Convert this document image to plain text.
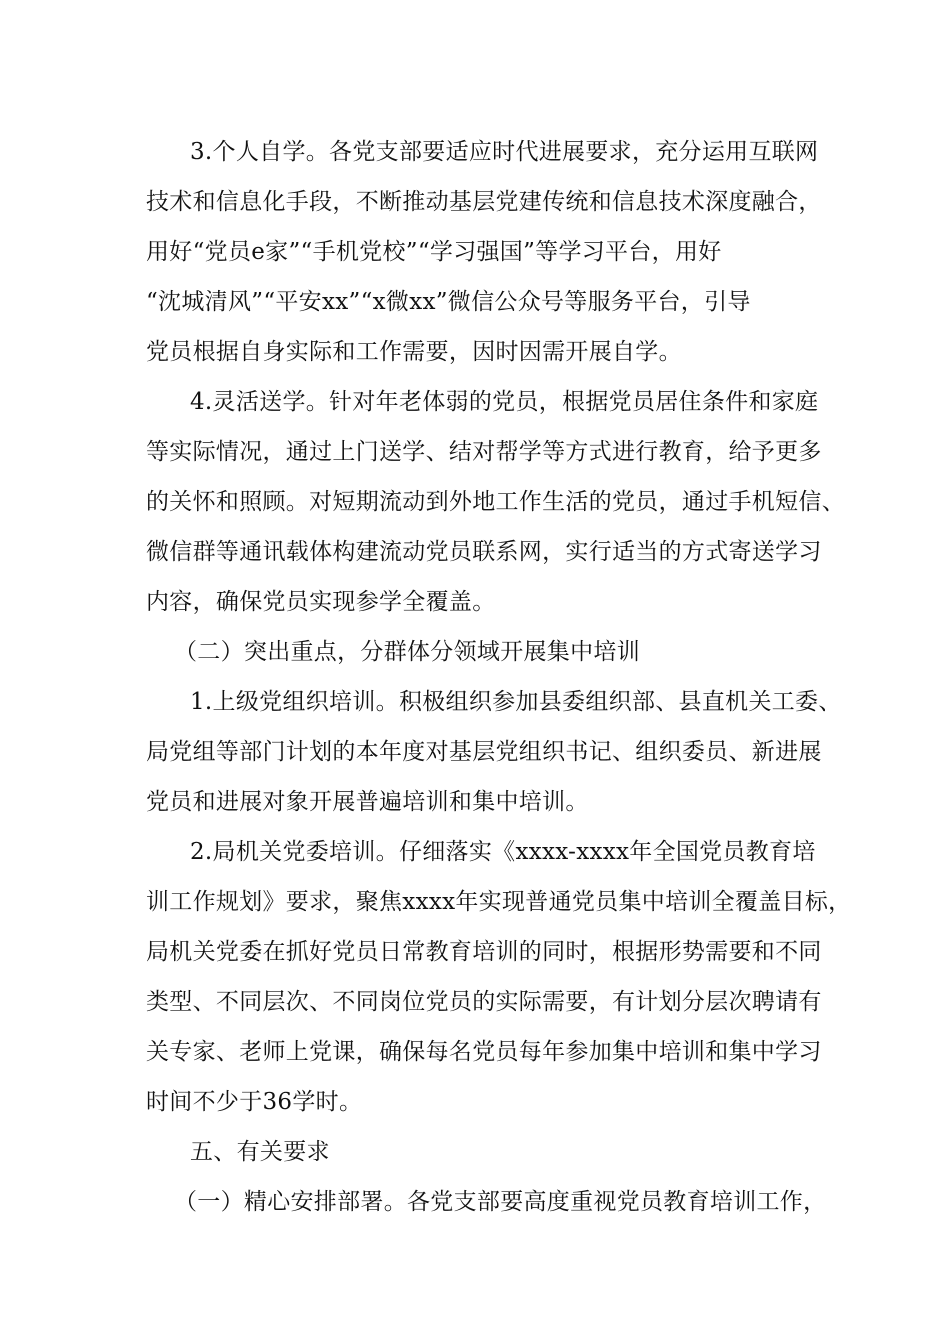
3.个人自学。各党支部要适应时代进展要求，充分运用互联网

技术和信息化手段，不断推动基层党建传统和信息技术深度融合，

用好“党员e家”“手机党校”“学习强国”等学习平台，用好

“沈城清风”“平安xx”“x微xx”微信公众号等服务平台，引导

党员根据自身实际和工作需要，因时因需开展自学。

4.灵活送学。针对年老体弱的党员，根据党员居住条件和家庭

等实际情况，通过上门送学、结对帮学等方式进行教育，给予更多

的关怀和照顾。对短期流动到外地工作生活的党员，通过手机短信、

微信群等通讯载体构建流动党员联系网，实行适当的方式寄送学习

内容，确保党员实现参学全覆盖。

（二）突出重点，分群体分领域开展集中培训

1.上级党组织培训。积极组织参加县委组织部、县直机关工委、

局党组等部门计划的本年度对基层党组织书记、组织委员、新进展

党员和进展对象开展普遍培训和集中培训。

2.局机关党委培训。仔细落实《xxxx-xxxx年全国党员教育培

训工作规划》要求，聚焦xxxx年实现普通党员集中培训全覆盖目标，

局机关党委在抓好党员日常教育培训的同时，根据形势需要和不同

类型、不同层次、不同岗位党员的实际需要，有计划分层次聘请有

关专家、老师上党课，确保每名党员每年参加集中培训和集中学习

时间不少于36学时。

五、有关要求

（一）精心安排部署。各党支部要高度重视党员教育培训工作，
